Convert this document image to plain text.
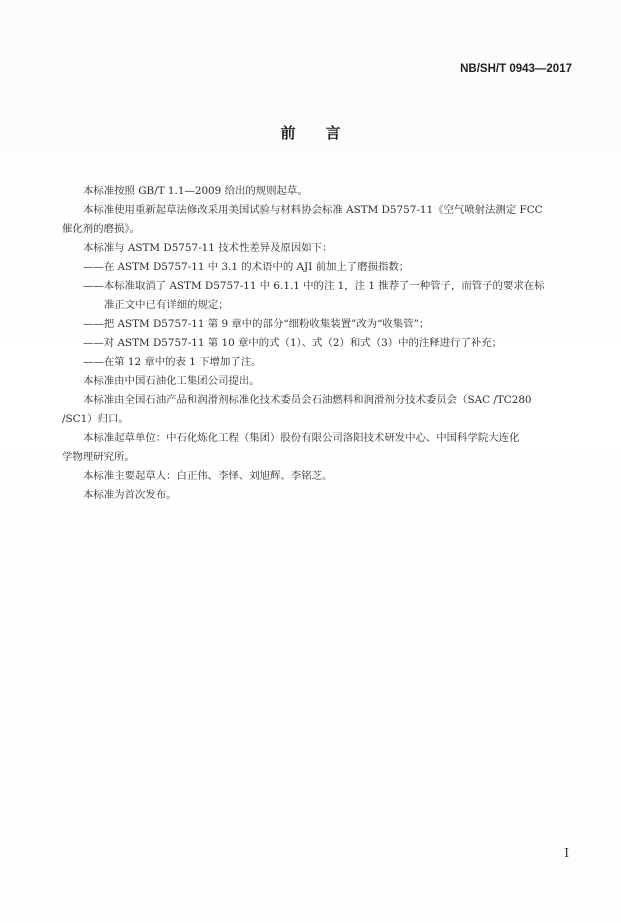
NB/SH/T 0943—2017
前言

本标准按照 GB/T 1.1—2009 给出的规则起草。

本标准使用重新起草法修改采用美国试验与材料协会标准 ASTM D5757-11《空气喷射法测定 FCC

催化剂的磨损》。

本标准与 ASTM D5757-11 技术性差异及原因如下：

——在 ASTM D5757-11 中 3.1 的术语中的 AJI 前加上了磨损指数；

——本标准取消了 ASTM D5757-11 中 6.1.1 中的注 1，注 1 推荐了一种管子，而管子的要求在标

准正文中已有详细的规定；

——把 ASTM D5757-11 第 9 章中的部分“细粉收集装置”改为“收集管”；

——对 ASTM D5757-11 第 10 章中的式（1）、式（2）和式（3）中的注释进行了补充；

——在第 12 章中的表 1 下增加了注。

本标准由中国石油化工集团公司提出。

本标准由全国石油产品和润滑剂标准化技术委员会石油燃料和润滑剂分技术委员会（SAC /TC280

/SC1）归口。

本标准起草单位：中石化炼化工程（集团）股份有限公司洛阳技术研发中心、中国科学院大连化

学物理研究所。

本标准主要起草人：白正伟、李怿、刘旭辉、李铭芝。

本标准为首次发布。

I
